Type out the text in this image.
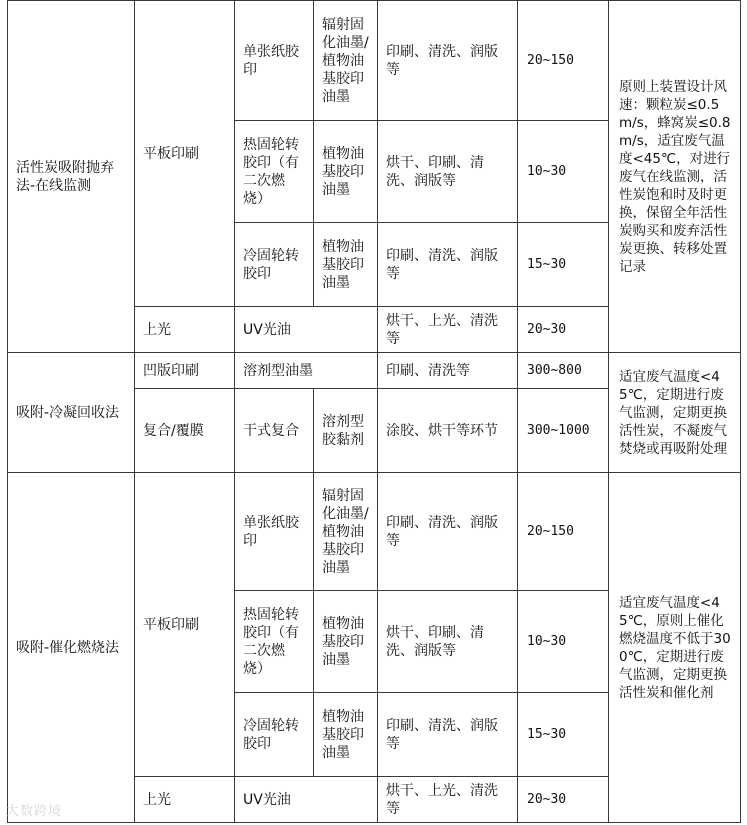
活性炭吸附抛弃法-在线监测	平板印刷	单张纸胶印	辐射固化油墨/植物油基胶印油墨	印刷、清洗、润版等	20~150	原则上装置设计风速：颗粒炭≤0.5m/s，蜂窝炭≤0.8m/s，适宜废气温度<45℃，对进行废气在线监测，活性炭饱和时及时更换，保留全年活性炭购买和废弃活性炭更换、转移处置记录
		热固轮转胶印（有二次燃烧）	植物油基胶印油墨	烘干、印刷、清洗、润版等	10~30	
		冷固轮转胶印	植物油基胶印油墨	印刷、清洗、润版等	15~30	
	上光	UV光油		烘干、上光、清洗等	20~30	
吸附-冷凝回收法	凹版印刷	溶剂型油墨		印刷、清洗等	300~800	适宜废气温度<45℃，定期进行废气监测，定期更换活性炭，不凝废气焚烧或再吸附处理
	复合/覆膜	干式复合	溶剂型胶黏剂	涂胶、烘干等环节	300~1000	
吸附-催化燃烧法	平板印刷	单张纸胶印	辐射固化油墨/植物油基胶印油墨	印刷、清洗、润版等	20~150	适宜废气温度<45℃，原则上催化燃烧温度不低于300℃，定期进行废气监测，定期更换活性炭和催化剂
		热固轮转胶印（有二次燃烧）	植物油基胶印油墨	烘干、印刷、清洗、润版等	10~30	
		冷固轮转胶印	植物油基胶印油墨	印刷、清洗、润版等	15~30	
	上光	UV光油		烘干、上光、清洗等	20~30	
大数跨境
